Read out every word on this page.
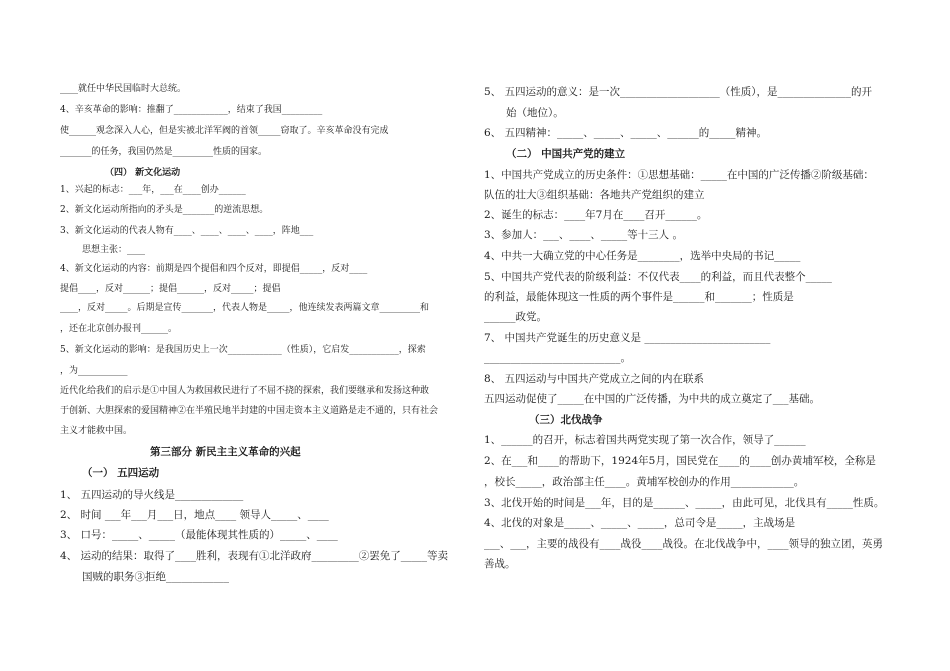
____就任中华民国临时大总统。
4、辛亥革命的影响：推翻了____________，结束了我国_________
使______观念深入人心，但是实被北洋军阀的首领_____窃取了。辛亥革命没有完成
_______的任务，我国仍然是_________性质的国家。
（四） 新文化运动
1、兴起的标志：___年，___在____创办______
2、新文化运动所指向的矛头是_______的逆流思想。
3、新文化运动的代表人物有____、____、____、____，阵地___
思想主张：____
4、新文化运动的内容：前期是四个提倡和四个反对，即提倡_____，反对____
提倡____，反对______；提倡______，反对_____；提倡
____，反对_____。后期是宣传_______，代表人物是_____，他连续发表两篇文章_________和
，还在北京创办报刊______。
5、新文化运动的影响：是我国历史上一次____________（性质），它启发___________，探索
，为___________
近代化给我们的启示是①中国人为救国救民进行了不屈不挠的探索，我们要继承和发扬这种敢
于创新、大胆探索的爱国精神②在半殖民地半封建的中国走资本主义道路是走不通的，只有社会
主义才能救中国。
第三部分 新民主主义革命的兴起
（一） 五四运动
1、 五四运动的导火线是_____________
2、 时间 ___年___月___日，地点____ 领导人_____、____
3、 口号：_____、_____（最能体现其性质的）_____、____
4、 运动的结果：取得了____胜利，表现有①北洋政府_________②罢免了_____等卖
国贼的职务③拒绝____________
5、 五四运动的意义：是一次___________________（性质），是______________的开
始（地位）。
6、 五四精神：_____、_____、_____、______的_____精神。
（二） 中国共产党的建立
1、中国共产党成立的历史条件：①思想基础：_____在中国的广泛传播②阶级基础：
队伍的壮大③组织基础：各地共产党组织的建立
2、诞生的标志：____年7月在____召开______。
3、参加人：___、____、_____等十三人 。
4、中共一大确立党的中心任务是________，选举中央局的书记_____
5、中国共产党代表的阶级利益：不仅代表____的利益，而且代表整个_____
的利益，最能体现这一性质的两个事件是______和_______；性质是
______政党。
7、 中国共产党诞生的历史意义是 ________________________
__________________________。
8、 五四运动与中国共产党成立之间的内在联系
五四运动促使了_____在中国的广泛传播，为中共的成立奠定了___基础。
（三）北伐战争
1、______的召开，标志着国共两党实现了第一次合作，领导了______
2、在___和____的帮助下，1924年5月，国民党在____的____创办黄埔军校，全称是
，校长_____，政治部主任____。黄埔军校创办的作用____________。
3、北伐开始的时间是___年，目的是______、_____，由此可见，北伐具有_____性质。
4、北伐的对象是_____、_____、_____，总司令是_____，主战场是
___、___，主要的战役有____战役____战役。在北伐战争中，____领导的独立团，英勇
善战。
